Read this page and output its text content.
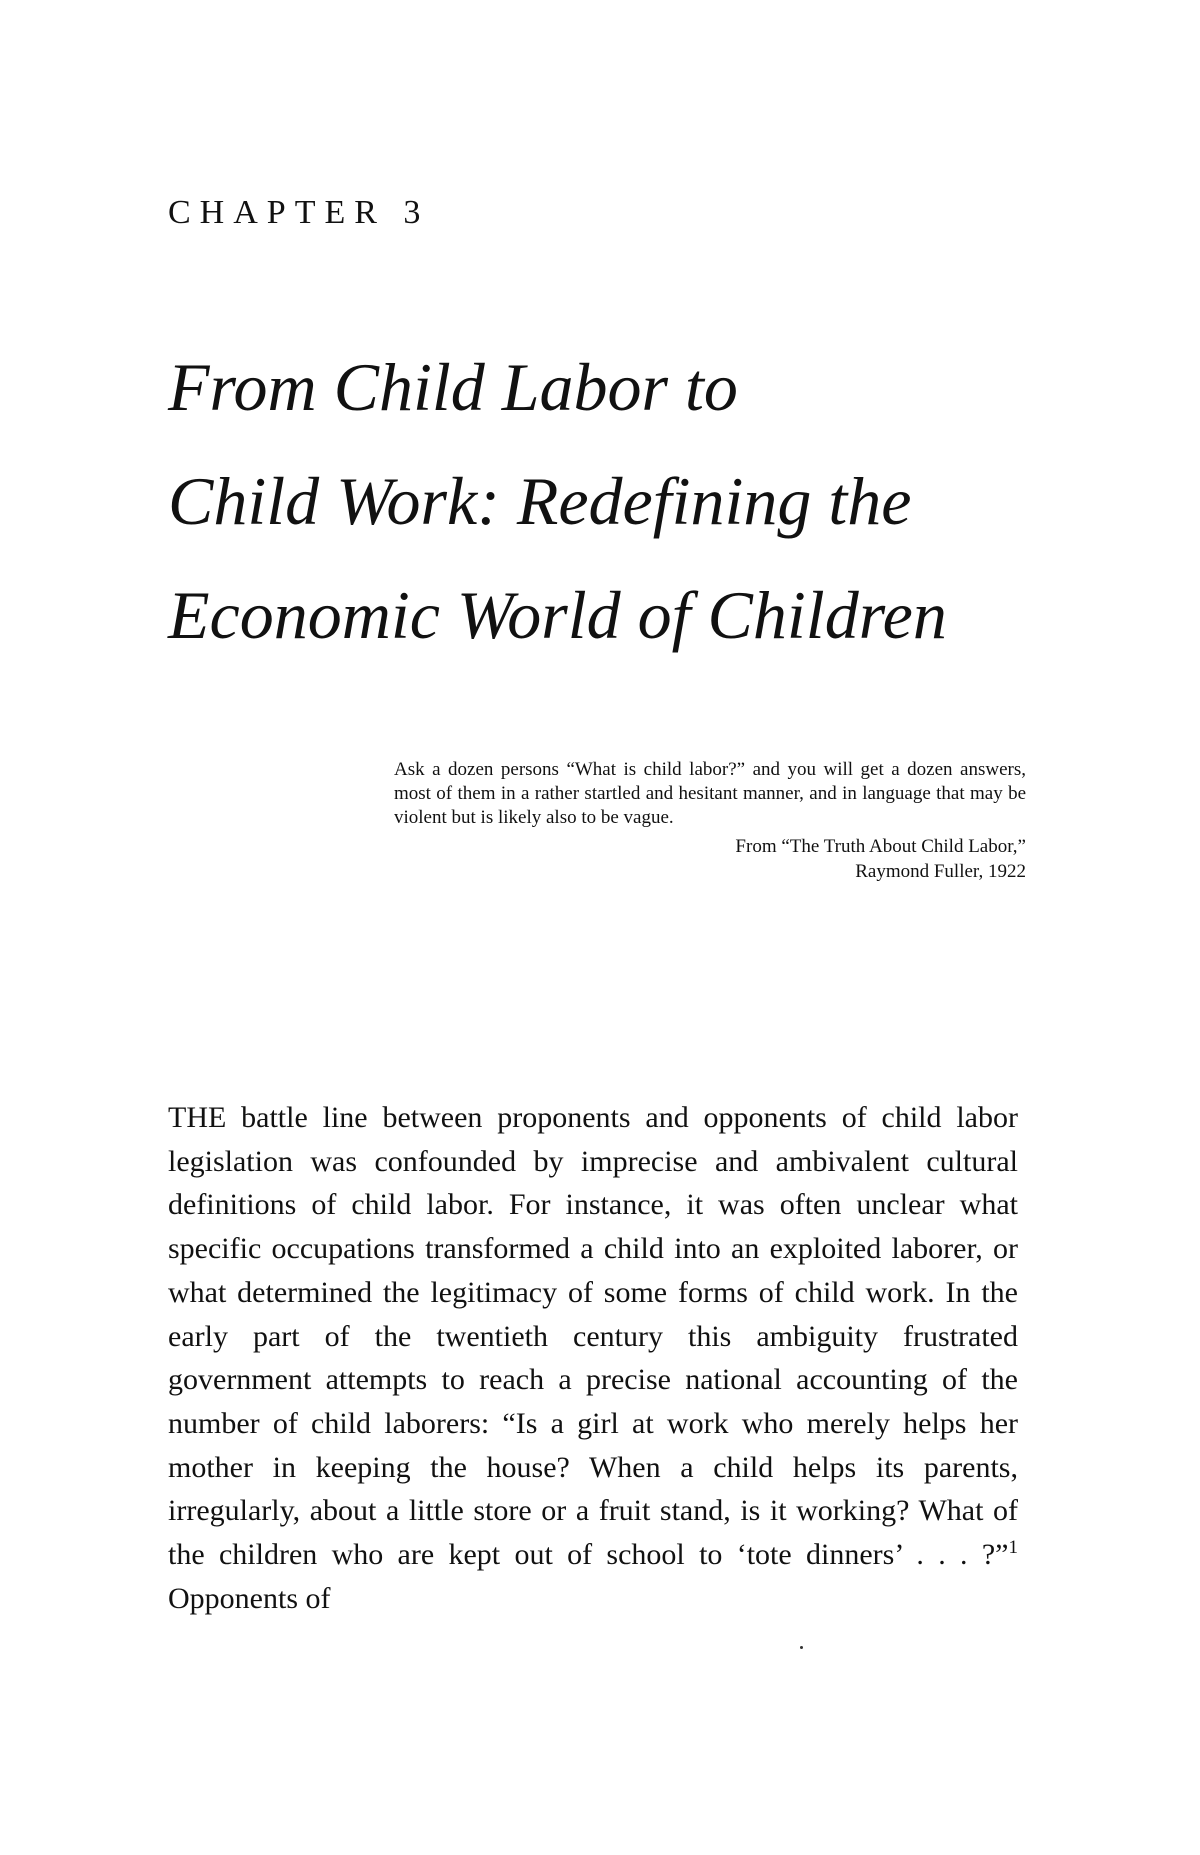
CHAPTER 3
From Child Labor to
Child Work: Redefining the
Economic World of Children

Ask a dozen persons “What is child labor?” and you will get a dozen answers, most of them in a rather startled and hesitant manner, and in language that may be violent but is likely also to be vague.

From “The Truth About Child Labor,”
Raymond Fuller, 1922

THE battle line between proponents and opponents of child labor legislation was confounded by imprecise and ambivalent cultural definitions of child labor. For instance, it was often unclear what specific occupations transformed a child into an exploited laborer, or what determined the legitimacy of some forms of child work. In the early part of the twentieth century this ambiguity frustrated government attempts to reach a precise national accounting of the number of child laborers: “Is a girl at work who merely helps her mother in keeping the house? When a child helps its parents, irregularly, about a little store or a fruit stand, is it working? What of the children who are kept out of school to ‘tote dinners’ . . . ?”$^1$ Opponents of
